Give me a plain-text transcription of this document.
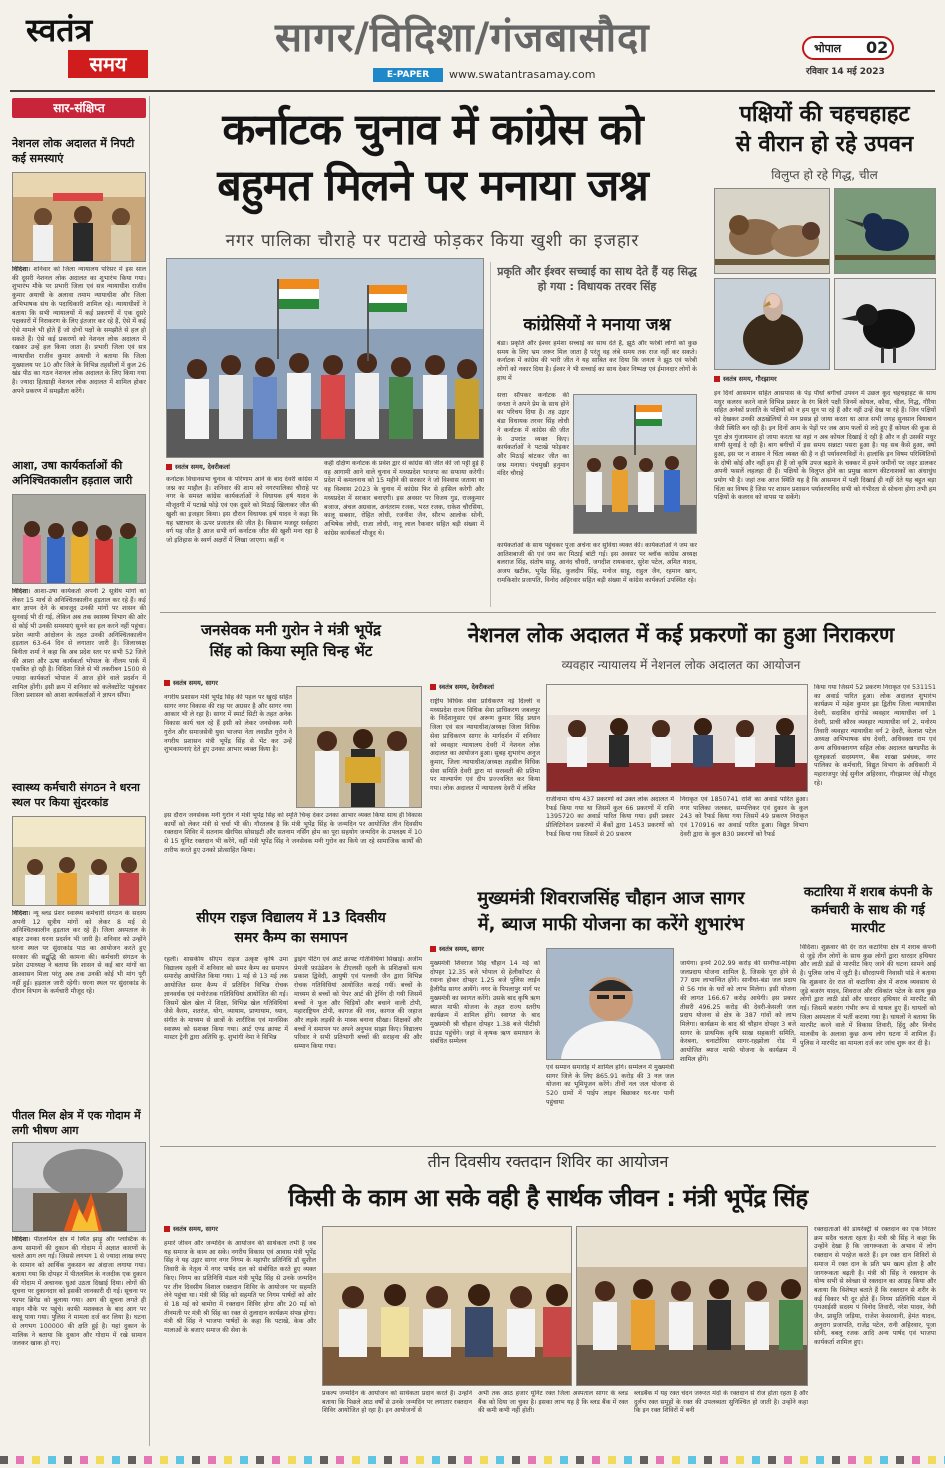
स्वतंत्र
समय
सागर/विदिशा/गंजबासौदा
E-PAPER	www.swatantrasamay.com
भोपाल 02
रविवार 14 मई 2023
सार-संक्षिप्त
नेशनल लोक अदालत में निपटी कई समस्याएं
विदिशा। शनिवार को जिला न्यायालय परिसर में इस साल की दूसरी नेशनल लोक अदालत का शुभारंभ किया गया। शुभारंभ मौके पर प्रभारी जिला एवं सत्र न्यायाधीश राजीव कुमार अयाची के अलावा तमाम न्यायाधीश और जिला अभिभाषक संघ के पदाधिकारी शामिल रहे। न्यायाधीशों ने बताया कि सभी न्यायालयों में कई प्रकरणों में एक दूसरे पक्षकारों में निराकरण के लिए इंतजार कर रहे हैं, ऐसे में कई ऐसे मामले भी होते हैं जो दोनों पक्षों के समझौते से हल हो सकते हैं। ऐसे कई प्रकरणों को नेशनल लोक अदालत में रखकर उन्हें हल किया जाता है। प्रभारी जिला एवं सत्र न्यायाधीश राजीव कुमार अयाची ने बताया कि जिला मुख्यालय पर 10 और जिले के विभिन्न तहसीलों में कुल 26 खंड पीठ का गठन नेशनल लोक अदालत के लिए किया गया है। ज्यादा हितग्राही नेशनल लोक अदालत में शामिल होकर अपने प्रकरण में समझौता करेंगे।
आशा, उषा कार्यकर्ताओं की अनिश्चितकालीन हड़ताल जारी
विदिशा। आशा-उषा कार्यकर्ता अपनी 2 सूत्रीय मांगों को लेकर 15 मार्च से अनिश्चितकालीन हड़ताल कर रहे हैं। कई बार ज्ञापन देने के बावजूद उनकी मांगों पर शासन की सुनवाई भी दी गई, लेकिन अब तक स्वास्थ्य विभाग की ओर से कोई भी उनकी समस्याएं सुनने का हल करने नहीं पहुंचा। प्रदेश व्यापी आंदोलन के तहत उनकी अनिश्चितकालीन हड़ताल 63-64 दिन से लगातार जारी है। जिलाध्यक्ष बिनीता शर्मा ने कहा कि अब प्रदेश स्तर पर सभी 52 जिले की आशा और ऊषा कार्यकर्ता भोपाल के नीलम पार्क में एकत्रित हो रही है। विदिशा जिले से भी तकरीबन 1500 से ज्यादा कार्यकर्ता भोपाल में आज होने वाले प्रदर्शन में शामिल होंगी। इसी क्रम में शनिवार को कलेक्टोरेट पहुंचकर जिला प्रशासन को आशा कार्यकर्ताओं ने ज्ञापन सौंपा।
स्वास्थ्य कर्मचारी संगठन ने धरना स्थल पर किया सुंदरकांड
विदिशा। न्यू ब्लड प्रेशर स्वास्थ्य कर्मचारी संगठन के सदस्य अपनी 12 सूत्रीय मांगों को लेकर 8 मई से अनिश्चितकालीन हड़ताल कर रहे हैं। जिला अस्पताल के बाहर उनका धरना प्रदर्शन भी जारी है। शनिवार को उन्होंने धरना स्थल पर सुंदरकांड पाठ का आयोजन करते हुए सरकार की सद्बुद्धि की कामना की। कर्मचारी संगठन के प्रदेश उपाध्यक्ष ने बताया कि शासन से कई बार मांगों का आश्वासन मिला परंतु अब तक उनकी कोई भी मांग पूरी नहीं हुई। हड़ताल जारी रहेगी। धरना स्थल पर सुंदरकांड के दौरान विभाग के कर्मचारी मौजूद रहे।
पीतल मिल क्षेत्र में एक गोदाम में लगी भीषण आग
विदिशा। पीतलमिल क्षेत्र में स्थित झाड़ू और प्लास्टिक के अन्य सामानों की दुकान की गोदाम में अज्ञात कारणों के चलते आग लग गई। जिससे लगभग 1 से ज्यादा लाख रुपए के सामान को आर्थिक नुकसान का अंदाजा लगाया गया। बताया गया कि दोपहर में पीतलमिल के नजदीक एक दुकान की गोदाम में अचानक धुआं उठता दिखाई दिया। लोगों की सूचना पर दुकानदार को इसकी जानकारी दी गई। सूचना पर फायर ब्रिगेड को बुलाया गया। आग की सूचना लगते ही वाहन मौके पर पहुंचे। काफी मशक्कत के बाद आग पर काबू पाया गया। पुलिस ने मामला दर्ज कर लिया है। घटना से लगभग 100000 की क्षति हुई है। यहां दुकान के मालिक ने बताया कि दुकान और गोदाम में रखे सामान जलकर खाक हो गए।
कर्नाटक चुनाव में कांग्रेस को
बहुमत मिलने पर मनाया जश्न
नगर पालिका चौराहे पर पटाखे फोड़कर किया खुशी का इजहार
स्वतंत्र समय, देवरीकलां
कर्नाटक विधानसभा चुनाव के परिणाम आने के बाद देवरी कांग्रेस में जश्न का माहौल है। शनिवार की शाम को नगरपालिका चौराहे पर नगर के समस्त कांग्रेस कार्यकर्ताओं ने विधायक हर्ष यादव के मौजूदगी में पटाखे फोड़े एवं एक दूसरे को मिठाई खिलाकर जीत की खुशी का इजहार किया। इस दौरान विधायक हर्ष यादव ने कहा कि यह भ्रष्टाचार के ऊपर प्रजातंत्र की जीत है। किसान मजदूर सर्वहारा वर्ग यह जीत है आज सभी वर्ग कर्नाटक जीत की खुशी मना रहा है जो इतिहास के स्वर्ण अक्षरों में लिखा जाएगा। कहीं न
कहीं दक्षिण कर्नाटक के प्रवेश द्वार से कांग्रेस की जीत की जो पट्टी हुई है वह आगामी आने वाले चुनाव में मध्यप्रदेश भाजपा का सफाया करेगी। प्रदेश में कमलनाथ को 15 महीने की सरकार ने जो विश्वास जताया था वह विश्वास 2023 के चुनाव में कांग्रेस फिर से हासिल करेगी और मध्यप्रदेश में सरकार बनाएगी। इस अवसर पर विजय गुड, राजकुमार बजाज, अंचल अग्रवाल, अनंतराम रजक, भरत रजक, राकेश चौरसिया, कालू सबवार, रोहित लोधी, रजनीश जैन, सौरभ आलोक सोनी, अभिषेक लोधी, राजा लोधी, नानू लाल रैकवार सहित बड़ी संख्या में कांग्रेस कार्यकर्ता मौजूद थे।
प्रकृति और ईश्वर सच्चाई का साथ देते हैं यह सिद्ध हो गया : विधायक तरवर सिंह
कांग्रेसियों ने मनाया जश्न
बंडा। प्रकृति और ईश्वर हमेशा सच्चाई का साथ देते हैं, झूठे और फरेबी लोगों को कुछ समय के लिए भ्रम जरूर मिल जाता है परंतु वह लंबे समय तक राज नहीं कर सकते। कर्नाटक में कांग्रेस की भारी जीत ने यह साबित कर दिया कि जनता ने झूठ एवं फरेबी लोगों को नकार दिया है। ईश्वर ने भी सच्चाई का साथ देकर निष्पक्ष एवं ईमानदार लोगों के हाथ में
सत्ता सौंपकर कर्नाटक की जनता ने अपने प्रेम के साथ होने का परिचय दिया है। तह उद्गार बंडा विधायक तरवर सिंह लोधी ने कर्नाटक में कांग्रेस की जीत के उपरांत व्यक्त किए। कार्यकर्ताओं ने पटाखे फोड़कर और मिठाई बांटकर जीत का जश्न मनाया। पंचमुखी हनुमान मंदिर चौराहे
कार्यकर्ताओं के साथ पहुंचकर पूजा अर्चना कर सुविधा व्यक्त की। कार्यकर्ताओं ने जम कर आतिशबाजी की एवं जम कर मिठाई बांटी गई। इस अवसर पर ब्लॉक कांग्रेस अध्यक्ष बलराज सिंह, संतोष साहू, आनंद चौधरी, जगदीश रायकवार, सुरेश पटेल, अमित यादव, अजय खटीक, भूपेंद्र सिंह, कुलदीप सिंह, मनोज साहू, राहुल जैन, रहमान खान, रामकिशोर प्रजापति, विनोद अहिरवार सहित बड़ी संख्या में कांग्रेस कार्यकर्ता उपस्थित रहे।
पक्षियों की चहचहाहट
से वीरान हो रहे उपवन
विलुप्त हो रहे गिद्ध, चील
स्वतंत्र समय, गौरझामर
इन दिनों आसमान सहित आसपास के पेड़ पौधों बगीचों उपवन में उछल कूद चहचहाहट के साथ मधुर कलरव करने वाले विभिन्न प्रकार के रंग बिरंगे पक्षी जिनमें कोयल, कौवा, चील, गिद्ध, गौरैया सहित अनेकों प्रजाति के पक्षियों को न हम सुन पा रहे हैं और नहीं उन्हें देख पा रहे हैं। जिन पक्षियों को देखकर उनकी अठखेलियों से मन प्रसन्न हो जाया करता था आज सभी जगह सुनसान बियाबान जैसी स्थिति बन रही है। इन दिनों आम के पेड़ों पर जब आम फलों से लदे हुए हैं कोयल की कूक से पूरा क्षेत्र गुंजायमान हो जाया करता था वहां न अब कोयल दिखाई दे रही है और न ही उसकी मधुर वाणी सुनाई दे रही है। बाग बगीचों में इस समय सन्नाटा पसरा हुआ है। यह सब कैसे हुआ, क्यों हुआ, इस पर न शासन ने चिंता व्यक्त की है न ही पर्यावरणविदों ने। हालांकि इन विषम परिस्थितियों के दोषी कोई और नहीं हम ही हैं जो कृषि उपज बढ़ाने के चक्कर में हमने जमीनों पर जहर डालकर अपनी फसलें लहलहा दी हैं। पक्षियों के विलुप्त होने का प्रमुख कारण कीटनाशकों का अंधाधुंध प्रयोग भी है। जहां तक आज स्थिति यह है कि आसमान में पक्षी दिखाई ही नहीं देते यह बहुत बड़ा चिंता का विषय है जिस पर शासन प्रशासन पर्यावरणविद सभी को गंभीरता से सोचना होगा तभी हम पक्षियों के कलरव को वापस पा सकेंगे।
जनसेवक मनी गुरोन ने मंत्री भूपेंद्र
सिंह को किया स्मृति चिन्ह भेंट
स्वतंत्र समय, सागर
नगरीय प्रशासन मंत्री भूपेंद्र सिंह की पहल पर खुरई सहित सागर नगर विकास की राह पर अग्रसर है और सागर नया आकार भी ले रहा है। सागर में स्मार्ट सिटी के तहत अनेक विकास कार्य चल रहे हैं इसी को लेकर जनसेवक मनी गुरोन और समाजसेवी युवा भाजपा नेता लवप्रीत गुरोन ने नगरीय प्रशासन मंत्री भूपेंद्र सिंह से भेंट कर उन्हें शुभकामनाएं देते हुए उनका आभार व्यक्त किया है।
इस दौरान जनसेवक मनी गुरोन ने मंत्री भूपेंद्र सिंह को स्मृति चिन्ह देकर उनका आभार व्यक्त किया साथ ही विकास कार्यों को लेकर मंत्री से चर्चा भी की। गौरतलब है कि मंत्री भूपेंद्र सिंह के जन्मदिन पर आयोजित तीन दिवसीय रक्तदान शिविर में सतनाम खैरपिस सोसाइटी और सतनाम नर्सिंग होम का पूरा सहयोग जन्मदिन के उपलक्ष्य में 10 से 15 यूनिट रक्तदान भी करेंगे, वहीं मंत्री भूपेंद्र सिंह ने जनसेवक मनी गुरोन का किये जा रहे सामाजिक कार्यों की तारीफ करते हुए उनको प्रोत्साहित किया।
सीएम राइज विद्यालय में 13 दिवसीय
समर कैम्प का समापन
रहली। शासकीय सीएम राइज उत्कृष्ट कृषि उमा विद्यालय रहली में शनिवार को समर कैम्प का समापन समारोह आयोजित किया गया। 1 मई से 13 मई तक आयोजित समर कैम्प में प्रतिदिन विभिन्न रोचक ज्ञानवर्धक एवं मनोरंजक गतिविधियां आयोजित की गई। जिसमें खेल खेल में शिक्षा, विभिन्न खेल गतिविधियां जैसे कैरम, शतरंज, योग, व्यायाम, प्राणायाम, ध्यान, संगीत के माध्यम से छात्रों के शारीरिक एवं मानसिक स्वास्थ्य को सशक्त किया गया। आर्ट एण्ड क्राफ्ट में मास्टर ट्रेनी द्वारा अतिथि कु. शुभांगी नेमा ने विभिन्न
ड्राइंग पेंटिंग एवं आर्ट क्राफ्ट गतिविधियां सिखाई। अजीम प्रेमजी फ़ाउंडेशन के टीएलसी रहली के प्रशिक्षकों सत्य प्रकाश द्विवेदी, आयुषी एवं पल्लवी जैन द्वारा विभिन्न रोचक गतिविधियां आयोजित कराई गयीं। बच्चों के माध्यम से बच्चों को पेपर आर्ट की ट्रेनिंग दी गयी जिसमें बच्चों ने फूल और चिड़ियों और बचाने वाली टोपी, महाराष्ट्रियन टोपी, कागज की नाव, कागज की जहाज और लड़के लड़की के मास्क बनाना सीखा। शिक्षकों और बच्चों ने समापन पर अपने अनुभव साझा किए। विद्यालय परिवार ने सभी प्रतिभागी बच्चों की सराहना की और सम्मान किया गया।
नेशनल लोक अदालत में कई प्रकरणों का हुआ निराकरण
व्यवहार न्यायालय में नेशनल लोक अदालत का आयोजन
स्वतंत्र समय, देवरीकलां
राष्ट्रीय विधिक सेवा प्राधिकरण नई दिल्ली व मध्यप्रदेश राज्य विधिक सेवा प्राधिकरण जबलपुर के निर्देशानुसार एवं अरूण कुमार सिंह प्रधान जिला एवं सत्र न्यायाधीश/अध्यक्ष जिला विधिक सेवा प्राधिकरण सागर के मार्गदर्शन में शनिवार को व्यवहार न्यायालय देवरी में नेशनल लोक अदालत का आयोजन हुआ। सुबह शुभारंभ अनुज कुमार, जिला न्यायाधीश/अध्यक्ष तहसील विधिक सेवा समिति देवरी द्वारा मां सरस्वती की प्रतिमा पर माल्यार्पण एवं दीप प्रज्ज्वलित कर किया गया। लोक अदालत में न्यायालय देवरी में लंबित
राजीनामा योग्य 437 प्रकरणों को उक्त लोक अदालत में रैफर्ड किया गया था जिसमें कुल 66 प्रकरणों में राशि 1395720 का अवार्ड पारित किया गया। इसी प्रकार प्रीलिटिगेशन प्रकरणों में बैंकों द्वारा 1453 प्रकरणों को रैफर्ड किया गया जिसमें से 20 प्रकरण
निराकृत एवं 1850741 राशि का अवार्ड पारित हुआ। नगर पालिका जलकर, सम्पत्तिकर एवं दुकान के कुल 243 को रैफर्ड किया गया जिसमें 49 प्रकरण निराकृत एवं 170916 का अवार्ड पारित हुआ। विद्युत विभाग देवरी द्वारा के कुल 830 प्रकरणों को रैफर्ड
किया गया जिसमें 52 प्रकरण निराकृत एवं 531151 का अवार्ड पारित हुआ। लोक अदालत शुभारंभ कार्यक्रम में महेश कुमार झा द्वितीय जिला न्यायाधीश देवरी, सदाशिव दांगोडे व्यवहार न्यायाधीश वर्ग 1 देवरी, प्राची कौरव व्यवहार न्यायाधीश वर्ग 2, मनोरम तिवारी व्यवहार न्यायाधीश वर्ग 2 देवरी, केलाश पटेल अध्यक्ष अभिभाषक संघ देवरी, अधिवक्ता राम एवं अन्य अधिवक्तागण सहित लोक अदालत खण्डपीठ के सुलहकर्ता सदस्यगण, बैंक शाखा प्रबंधक, नगर पालिका के कर्मचारी, विद्युत विभाग के अधिकारी में महाराजपुर जेई सुनील अहिरवार, गौरझामर जेई मौजूद रहे।
मुख्यमंत्री शिवराजसिंह चौहान आज सागर
में, ब्याज माफी योजना का करेंगे शुभारंभ
स्वतंत्र समय, सागर
मुख्यमंत्री शिवराज सिंह चौहान 14 मई को दोपहर 12.35 बजे भोपाल से हेलीकॉप्टर से रवाना होकर दोपहर 1.25 बजे पुलिस लाईन हैलीपैड सागर आयेंगे। नगर के पिपलापुर मार्ग पर मुख्यमंत्री का स्वागत करेंगे। उसके बाद कृषि ऋण ब्याज माफी योजना के तहत राज्य स्तरीय कार्यक्रम में शामिल होंगे। स्वागत के बाद मुख्यमंत्री श्री चौहान दोपहर 1.38 बजे पीटीसी ग्राउंड पहुंचेंगे। जहां वे कृषक ऋण समाधान के संबंधित सम्मेलन
एवं सम्मान समारोह में शामिल होंगे। सम्मेलन में मुख्यमंत्री सागर जिले के लिए 865.91 करोड़ की 3 नल जल योजना का भूमिपूजन करेंगे। तीनों नल जल योजना से 520 ग्रामों में पाईप लाइन बिछाकर घर-घर पानी पहुंचाया
जायेगा। इनमें 202.99 करोड़ की सानौधा-मड़िया जलप्रदाय योजना शामिल है, जिसके पूरा होने से 77 ग्राम लाभान्वित होंगे। सानौधा-बंडा जल प्रदाय से 56 गांव के घरों को लाभ मिलेगा। इसी योजना की लागत 166.67 करोड़ आयेगी। इस प्रकार तीसरी 496.25 करोड़ की देवरी-केसली जल प्रदाय योजना से क्षेत्र के 387 गांवों को लाभ मिलेगा। कार्यक्रम के बाद श्री चौहान दोपहर 3 बजे सागर के प्राथमिक कृषि साख सहकारी समिति, केरबना, चनाटोरिया सागर-रहझोला रोड में आयोजित ब्याज माफी योजना के कार्यक्रम में शामिल होंगे।
कटारिया में शराब कंपनी के कर्मचारी के साथ की गई मारपीट
विदिशा। शुक्रवार की देर रात कटारिया क्षेत्र में शराब कंपनी से जुड़े तीन लोगों के साथ कुछ लोगों द्वारा धारदार हथियार और लाठी डंडों से मारपीट किए जाने की घटना सामने आई है। पुलिस जांच में जुटी है। सौरदापनी निवासी पांडे ने बताया कि शुक्रवार देर रात वो कटारिया क्षेत्र में शराब व्यवसाय से जुड़े बजरंग यादव, शिवराज और रविकांत पटेल के साथ कुछ लोगों द्वारा लाठी डंडों और धारदार हथियार से मारपीट की गई। जिसमें बजरंग गंभीर रूप से घायल हुए हैं। घायलों को जिला अस्पताल में भर्ती कराया गया है। घायलों ने बताया कि मारपीट करने वाले में विकास तिवारी, हिंदु और विनोद मालवीय के अलावा कुछ अन्य लोग घटना में शामिल हैं। पुलिस ने मारपीट का मामला दर्ज कर जांच शुरू कर दी है।
तीन दिवसीय रक्तदान शिविर का आयोजन
किसी के काम आ सके वही है सार्थक जीवन : मंत्री भूपेंद्र सिंह
स्वतंत्र समय, सागर
हमारे जीवन और जन्मदिन के आयोजन की सार्थकता तभी है जब यह समाज के काम आ सके। नगरीय विकास एवं आवास मंत्री भूपेंद्र सिंह ने यह उद्गार सागर नगर निगम के महापौर प्रतिनिधि डॉ सुशील तिवारी के नेतृत्व में नगर पार्षद दल को संबोधित करते हुए व्यक्त किए। निगम का प्रतिनिधि मंडल मंत्री भूपेंद्र सिंह से उनके जन्मदिन पर तीन दिवसीय विशाल रक्तदान शिविर के आयोजन पर सहमति लेने पहुंचा था। मंत्री श्री सिंह को सहमति पर निगम पार्षदों को ओर से 18 मई को बामोरा में रक्तदान शिविर होगा और 20 मई को तीनमती पर मंत्री श्री सिंह का रक्त से तुलादान कार्यक्रम संपन्न होगा। मंत्री श्री सिंह ने भाजपा पार्षदों के कहा कि पटाखे, केक और मालाओं के बजाए समाज की सेवा के
प्रकल्प जन्मदिन के आयोजन को सार्थकता प्रदान करते हैं। उन्होंने बताया कि पिछले आठ वर्षों से उनके जन्मदिन पर लगातार रक्तदान शिविर आयोजित हो रहा है। इन आयोजनों से
अभी तक आठ हजार यूनिट रक्त जिला अस्पताल सागर के ब्लड बैंक को दिया जा चुका है। इसका लाभ यह है कि ब्लड बैंक में रक्त की कमी कभी नहीं होती।
ब्लडबैंक में यह रक्त चंदन जरूरत मंदों के रक्तदान से रोज होता रहता है और दुर्लभ रक्त समूहों के रक्त की उपलब्धता सुनिश्चित हो जाती है। उन्होंने कहा कि इन रक्त शिविरों में बनी
रक्तदाताओं की डायरेक्ट्री से रक्तदान का एक निरंतर क्रम सदैव चलता रहता है। मंत्री श्री सिंह ने कहा कि उन्होंने देखा है कि जागरूकता के अभाव में लोग रक्तदान से परहेज करते हैं। इन रक्त दान शिविरों से समाज में रक्त दान के प्रति भ्रम खत्म होता है और जागरूकता बढ़ती है। मंत्री श्री सिंह ने रक्तदान के योग्य सभी से स्वेच्छा से रक्तदान का आग्रह किया और बताया कि विशेषज्ञ बताते हैं कि रक्तदान से शरीर के कई विकार भी दूर होते हैं। निगम प्रतिनिधि मंडल में एमआईसी सदस्य पं विनोद तिवारी, नरेश यादव, नेवी जैन, प्रासुति जड़िया, राजेश केसरवानी, हेमंत यादव, अनुराग प्रजापति, राजेंद्र पटेल, रानी अहिरवार, पूजा सोनी, बबलू रजक आदि अन्य पार्षद एवं भाजपा कार्यकर्ता शामिल हुए।
